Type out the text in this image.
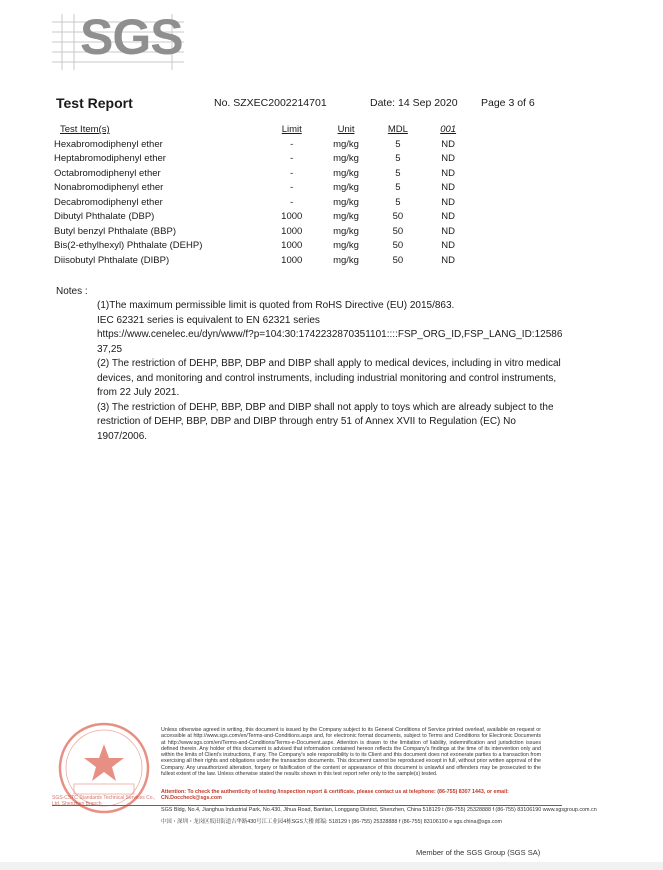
SGS
Test Report	No. SZXEC2002214701	Date: 14 Sep 2020 Page 3 of 6
Test Item(s)	Limit	Unit	MDL	001	
Hexabromodiphenyl ether	-	mg/kg	5	ND	
Heptabromodiphenyl ether	-	mg/kg	5	ND	
Octabromodiphenyl ether	-	mg/kg	5	ND	
Nonabromodiphenyl ether	-	mg/kg	5	ND	
Decabromodiphenyl ether	-	mg/kg	5	ND	
Dibutyl Phthalate (DBP)	1000	mg/kg	50	ND	
Butyl benzyl Phthalate (BBP)	1000	mg/kg	50	ND	
Bis(2-ethylhexyl) Phthalate (DEHP)	1000	mg/kg	50	ND	
Diisobutyl Phthalate (DIBP)	1000	mg/kg	50	ND	
Notes :

(1)The maximum permissible limit is quoted from RoHS Directive (EU) 2015/863.

IEC 62321 series is equivalent to EN 62321 series

https://www.cenelec.eu/dyn/www/f?p=104:30:1742232870351101::::FSP_ORG_ID,FSP_LANG_ID:1258637,25

(2) The restriction of DEHP, BBP, DBP and DIBP shall apply to medical devices, including in vitro medical devices, and monitoring and control instruments, including industrial monitoring and control instruments, from 22 July 2021.

(3) The restriction of DEHP, BBP, DBP and DIBP shall not apply to toys which are already subject to the restriction of DEHP, BBP, DBP and DIBP through entry 51 of Annex XVII to Regulation (EC) No 1907/2006.

SGS-CSTC Standards Technical Services Co., Ltd. Shenzhen Branch
Unless otherwise agreed in writing, this document is issued by the Company subject to its General Conditions of Service printed overleaf, available on request or accessible at http://www.sgs.com/en/Terms-and-Conditions.aspx and, for electronic format documents, subject to Terms and Conditions for Electronic Documents at http://www.sgs.com/en/Terms-and-Conditions/Terms-e-Document.aspx. Attention is drawn to the limitation of liability, indemnification and jurisdiction issues defined therein. Any holder of this document is advised that information contained hereon reflects the Company's findings at the time of its intervention only and within the limits of Client's instructions, if any. The Company's sole responsibility is to its Client and this document does not exonerate parties to a transaction from exercising all their rights and obligations under the transaction documents. This document cannot be reproduced except in full, without prior written approval of the Company. Any unauthorized alteration, forgery or falsification of the content or appearance of this document is unlawful and offenders may be prosecuted to the fullest extent of the law. Unless otherwise stated the results shown in this test report refer only to the sample(s) tested.
Attention: To check the authenticity of testing /inspection report & certificate, please contact us at telephone: (86-755) 8307 1443, or email: CN.Doccheck@sgs.com
SGS Bldg, No.4, Jianghua Industrial Park, No.430, Jihua Road, Bantian, Longgang District, Shenzhen, China 518129 t (86-755) 25328888 f (86-755) 83106190 www.sgsgroup.com.cn
中国・深圳・龙岗区坂田街道吉华路430号江工业园4栋SGS大楼 邮编: 518129 t (86-755) 25328888 f (86-755) 83106190 e sgs.china@sgs.com
Member of the SGS Group (SGS SA)
